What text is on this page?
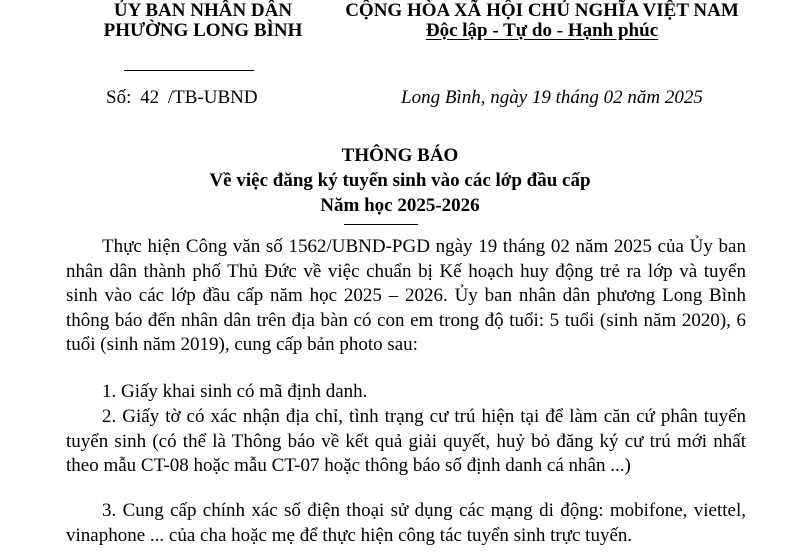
ỦY BAN NHÂN DÂN
PHƯỜNG LONG BÌNH
CỘNG HÒA XÃ HỘI CHỦ NGHĨA VIỆT NAM
Độc lập - Tự do - Hạnh phúc
Số: 42 /TB-UBND	Long Bình, ngày 19 tháng 02 năm 2025
THÔNG BÁO
Về việc đăng ký tuyển sinh vào các lớp đầu cấp
Năm học 2025-2026

Thực hiện Công văn số 1562/UBND-PGD ngày 19 tháng 02 năm 2025 của Ủy ban nhân dân thành phố Thủ Đức về việc chuẩn bị Kế hoạch huy động trẻ ra lớp và tuyển sinh vào các lớp đầu cấp năm học 2025 – 2026. Ủy ban nhân dân phương Long Bình thông báo đến nhân dân trên địa bàn có con em trong độ tuổi: 5 tuổi (sinh năm 2020), 6 tuổi (sinh năm 2019), cung cấp bản photo sau:

1. Giấy khai sinh có mã định danh.

2. Giấy tờ có xác nhận địa chỉ, tình trạng cư trú hiện tại để làm căn cứ phân tuyến tuyển sinh (có thể là Thông báo về kết quả giải quyết, huỷ bỏ đăng ký cư trú mới nhất theo mẫu CT-08 hoặc mẫu CT-07 hoặc thông báo số định danh cá nhân ...)

3. Cung cấp chính xác số điện thoại sử dụng các mạng di động: mobifone, viettel, vinaphone ... của cha hoặc mẹ để thực hiện công tác tuyển sinh trực tuyến.
